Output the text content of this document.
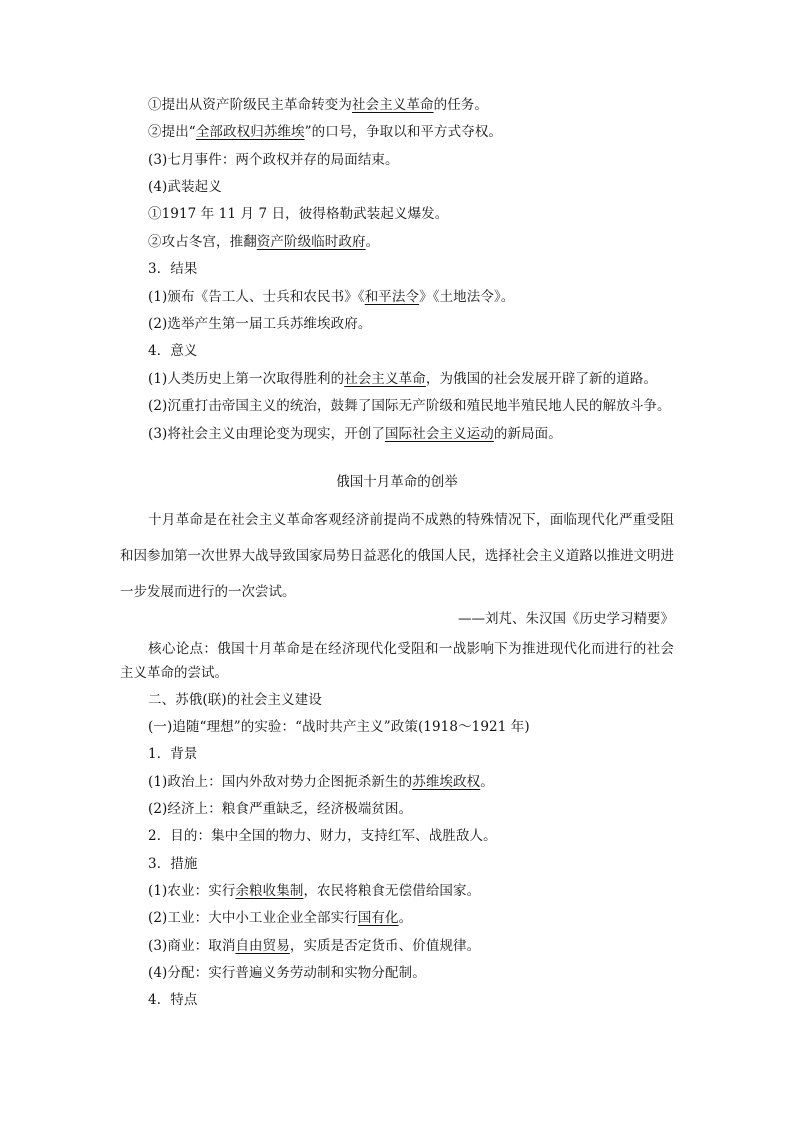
①提出从资产阶级民主革命转变为社会主义革命的任务。

②提出“全部政权归苏维埃”的口号，争取以和平方式夺权。

(3)七月事件：两个政权并存的局面结束。

(4)武装起义

①1917 年 11 月 7 日，彼得格勒武装起义爆发。

②攻占冬宫，推翻资产阶级临时政府。

3．结果

(1)颁布《告工人、士兵和农民书》《和平法令》《土地法令》。

(2)选举产生第一届工兵苏维埃政府。

4．意义

(1)人类历史上第一次取得胜利的社会主义革命，为俄国的社会发展开辟了新的道路。

(2)沉重打击帝国主义的统治，鼓舞了国际无产阶级和殖民地半殖民地人民的解放斗争。

(3)将社会主义由理论变为现实，开创了国际社会主义运动的新局面。

俄国十月革命的创举

十月革命是在社会主义革命客观经济前提尚不成熟的特殊情况下，面临现代化严重受阻和因参加第一次世界大战导致国家局势日益恶化的俄国人民，选择社会主义道路以推进文明进一步发展而进行的一次尝试。

——刘芃、朱汉国《历史学习精要》

核心论点：俄国十月革命是在经济现代化受阻和一战影响下为推进现代化而进行的社会主义革命的尝试。

二、苏俄(联)的社会主义建设

(一)追随“理想”的实验：“战时共产主义”政策(1918～1921 年)

1．背景

(1)政治上：国内外敌对势力企图扼杀新生的苏维埃政权。

(2)经济上：粮食严重缺乏，经济极端贫困。

2．目的：集中全国的物力、财力，支持红军、战胜敌人。

3．措施

(1)农业：实行余粮收集制，农民将粮食无偿借给国家。

(2)工业：大中小工业企业全部实行国有化。

(3)商业：取消自由贸易，实质是否定货币、价值规律。

(4)分配：实行普遍义务劳动制和实物分配制。

4．特点
